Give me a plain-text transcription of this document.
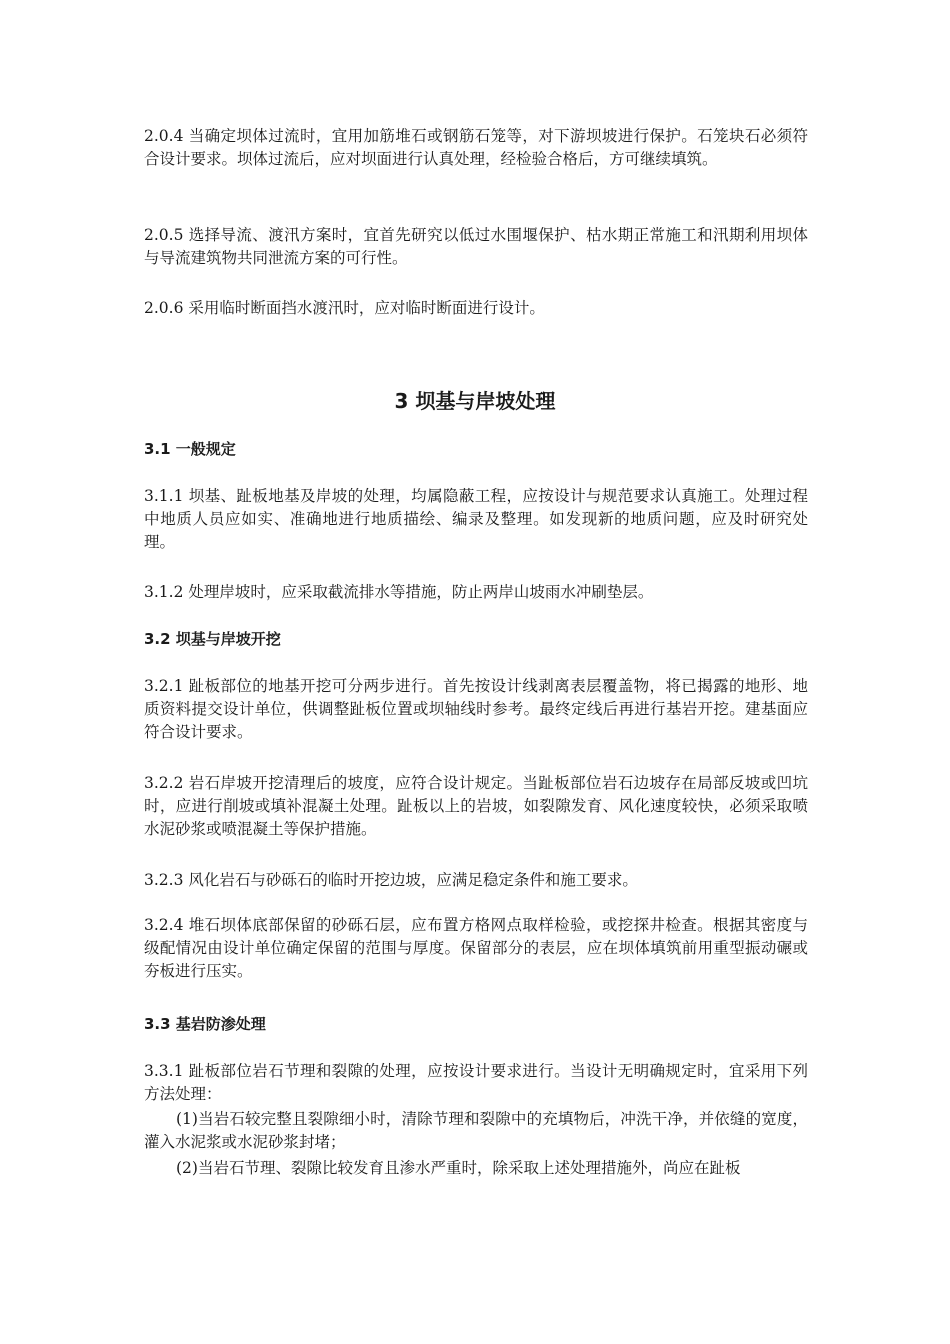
2.0.4 当确定坝体过流时，宜用加筋堆石或钢筋石笼等，对下游坝坡进行保护。石笼块石必须符合设计要求。坝体过流后，应对坝面进行认真处理，经检验合格后，方可继续填筑。

2.0.5 选择导流、渡汛方案时，宜首先研究以低过水围堰保护、枯水期正常施工和汛期利用坝体与导流建筑物共同泄流方案的可行性。

2.0.6 采用临时断面挡水渡汛时，应对临时断面进行设计。

3 坝基与岸坡处理
3.1 一般规定

3.1.1 坝基、趾板地基及岸坡的处理，均属隐蔽工程，应按设计与规范要求认真施工。处理过程中地质人员应如实、准确地进行地质描绘、编录及整理。如发现新的地质问题，应及时研究处理。

3.1.2 处理岸坡时，应采取截流排水等措施，防止两岸山坡雨水冲刷垫层。

3.2 坝基与岸坡开挖

3.2.1 趾板部位的地基开挖可分两步进行。首先按设计线剥离表层覆盖物，将已揭露的地形、地质资料提交设计单位，供调整趾板位置或坝轴线时参考。最终定线后再进行基岩开挖。建基面应符合设计要求。

3.2.2 岩石岸坡开挖清理后的坡度，应符合设计规定。当趾板部位岩石边坡存在局部反坡或凹坑时，应进行削坡或填补混凝土处理。趾板以上的岩坡，如裂隙发育、风化速度较快，必须采取喷水泥砂浆或喷混凝土等保护措施。

3.2.3 风化岩石与砂砾石的临时开挖边坡，应满足稳定条件和施工要求。

3.2.4 堆石坝体底部保留的砂砾石层，应布置方格网点取样检验，或挖探井检查。根据其密度与级配情况由设计单位确定保留的范围与厚度。保留部分的表层，应在坝体填筑前用重型振动碾或夯板进行压实。

3.3 基岩防渗处理

3.3.1 趾板部位岩石节理和裂隙的处理，应按设计要求进行。当设计无明确规定时，宜采用下列方法处理：

(1)当岩石较完整且裂隙细小时，清除节理和裂隙中的充填物后，冲洗干净，并依缝的宽度，灌入水泥浆或水泥砂浆封堵；

(2)当岩石节理、裂隙比较发育且渗水严重时，除采取上述处理措施外，尚应在趾板
